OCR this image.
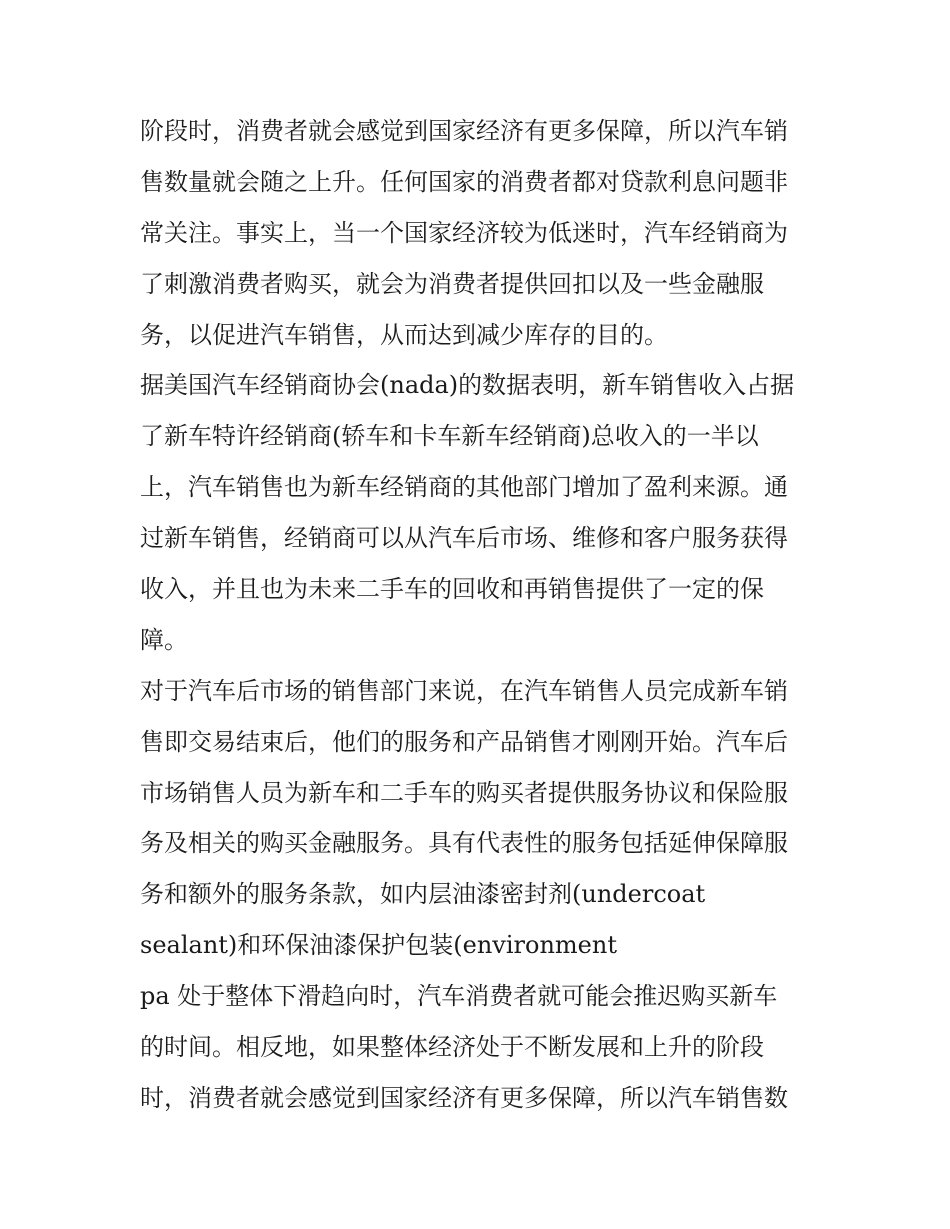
阶段时，消费者就会感觉到国家经济有更多保障，所以汽车销
售数量就会随之上升。任何国家的消费者都对贷款利息问题非
常关注。事实上，当一个国家经济较为低迷时，汽车经销商为
了刺激消费者购买，就会为消费者提供回扣以及一些金融服
务，以促进汽车销售，从而达到减少库存的目的。
据美国汽车经销商协会(nada)的数据表明，新车销售收入占据
了新车特许经销商(轿车和卡车新车经销商)总收入的一半以
上，汽车销售也为新车经销商的其他部门增加了盈利来源。通
过新车销售，经销商可以从汽车后市场、维修和客户服务获得
收入，并且也为未来二手车的回收和再销售提供了一定的保
障。
对于汽车后市场的销售部门来说，在汽车销售人员完成新车销
售即交易结束后，他们的服务和产品销售才刚刚开始。汽车后
市场销售人员为新车和二手车的购买者提供服务协议和保险服
务及相关的购买金融服务。具有代表性的服务包括延伸保障服
务和额外的服务条款，如内层油漆密封剂(undercoat
sealant)和环保油漆保护包装(environment
pa 处于整体下滑趋向时，汽车消费者就可能会推迟购买新车
的时间。相反地，如果整体经济处于不断发展和上升的阶段
时，消费者就会感觉到国家经济有更多保障，所以汽车销售数
